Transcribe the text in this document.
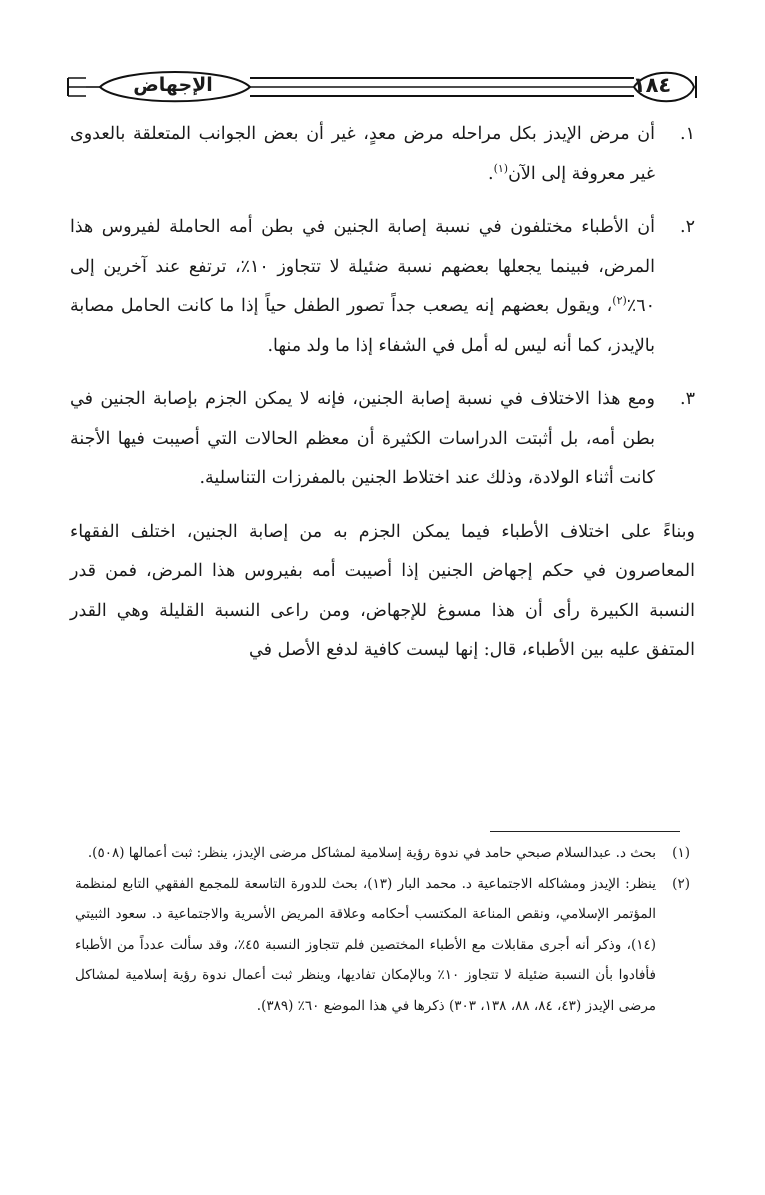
الإجهاض	١٨٤
١.

أن مرض الإيدز بكل مراحله مرض معدٍ، غير أن بعض الجوانب المتعلقة بالعدوى غير معروفة إلى الآن$^{(١)}$.

٢.

أن الأطباء مختلفون في نسبة إصابة الجنين في بطن أمه الحاملة لفيروس هذا المرض، فبينما يجعلها بعضهم نسبة ضئيلة لا تتجاوز ١٠٪، ترتفع عند آخرين إلى ٦٠٪$^{(٢)}$، ويقول بعضهم إنه يصعب جداً تصور الطفل حياً إذا ما كانت الحامل مصابة بالإيدز، كما أنه ليس له أمل في الشفاء إذا ما ولد منها.

٣.

ومع هذا الاختلاف في نسبة إصابة الجنين، فإنه لا يمكن الجزم بإصابة الجنين في بطن أمه، بل أثبتت الدراسات الكثيرة أن معظم الحالات التي أصيبت فيها الأجنة كانت أثناء الولادة، وذلك عند اختلاط الجنين بالمفرزات التناسلية.

وبناءً على اختلاف الأطباء فيما يمكن الجزم به من إصابة الجنين، اختلف الفقهاء المعاصرون في حكم إجهاض الجنين إذا أصيبت أمه بفيروس هذا المرض، فمن قدر النسبة الكبيرة رأى أن هذا مسوغ للإجهاض، ومن راعى النسبة القليلة وهي القدر المتفق عليه بين الأطباء، قال: إنها ليست كافية لدفع الأصل في

(١)

بحث د. عبدالسلام صبحي حامد في ندوة رؤية إسلامية لمشاكل مرضى الإيدز، ينظر: ثبت أعمالها (٥٠٨).

(٢)

ينظر: الإيدز ومشاكله الاجتماعية د. محمد البار (١٣)، بحث للدورة التاسعة للمجمع الفقهي التابع لمنظمة المؤتمر الإسلامي، ونقص المناعة المكتسب أحكامه وعلاقة المريض الأسرية والاجتماعية د. سعود الثبيتي (١٤)، وذكر أنه أجرى مقابلات مع الأطباء المختصين فلم تتجاوز النسبة ٤٥٪، وقد سألت عدداً من الأطباء فأفادوا بأن النسبة ضئيلة لا تتجاوز ١٠٪ وبالإمكان تفاديها، وينظر ثبت أعمال ندوة رؤية إسلامية لمشاكل مرضى الإيدز (٤٣، ٨٤، ٨٨، ١٣٨، ٣٠٣) ذكرها في هذا الموضع ٦٠٪ (٣٨٩).
